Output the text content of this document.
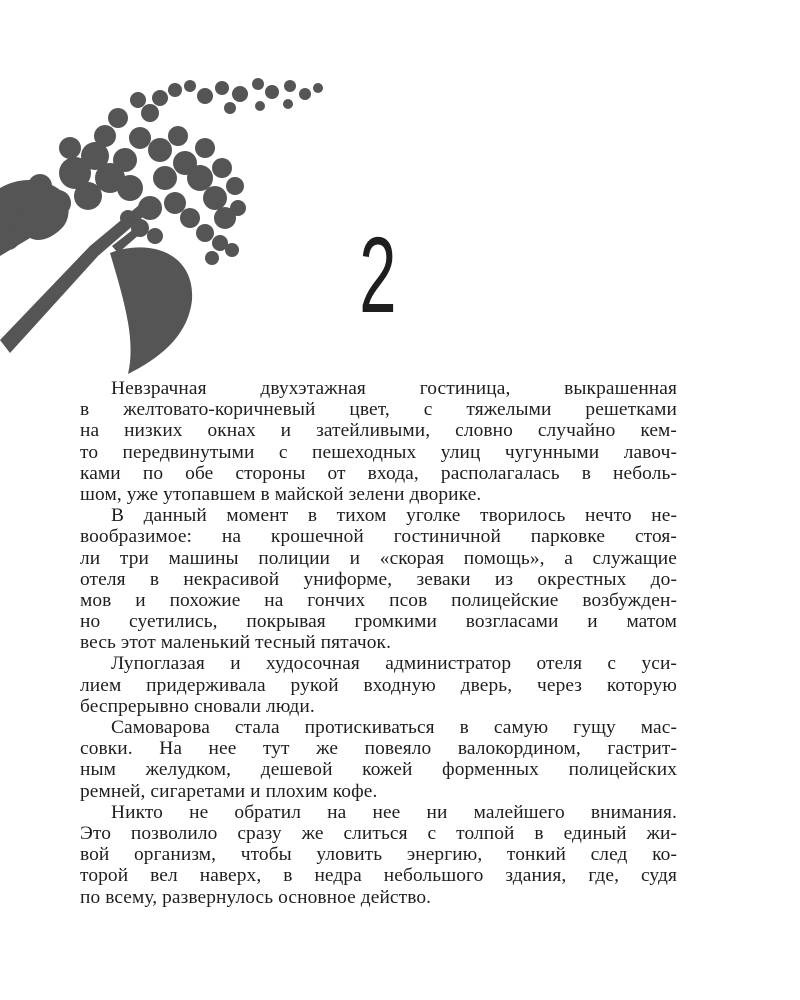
2
Невзрачная двухэтажная гостиница, выкрашенная
в желтовато-коричневый цвет, с тяжелыми решетками
на низких окнах и затейливыми, словно случайно кем-
то передвинутыми с пешеходных улиц чугунными лавоч-
ками по обе стороны от входа, располагалась в неболь-
шом, уже утопавшем в майской зелени дворике.
В данный момент в тихом уголке творилось нечто не-
вообразимое: на крошечной гостиничной парковке стоя-
ли три машины полиции и «скорая помощь», а служащие
отеля в некрасивой униформе, зеваки из окрестных до-
мов и похожие на гончих псов полицейские возбужден-
но суетились, покрывая громкими возгласами и матом
весь этот маленький тесный пятачок.
Лупоглазая и худосочная администратор отеля с уси-
лием придерживала рукой входную дверь, через которую
беспрерывно сновали люди.
Самоварова стала протискиваться в самую гущу мас-
совки. На нее тут же повеяло валокордином, гастрит-
ным желудком, дешевой кожей форменных полицейских
ремней, сигаретами и плохим кофе.
Никто не обратил на нее ни малейшего внимания.
Это позволило сразу же слиться с толпой в единый жи-
вой организм, чтобы уловить энергию, тонкий след ко-
торой вел наверх, в недра небольшого здания, где, судя
по всему, развернулось основное действо.
